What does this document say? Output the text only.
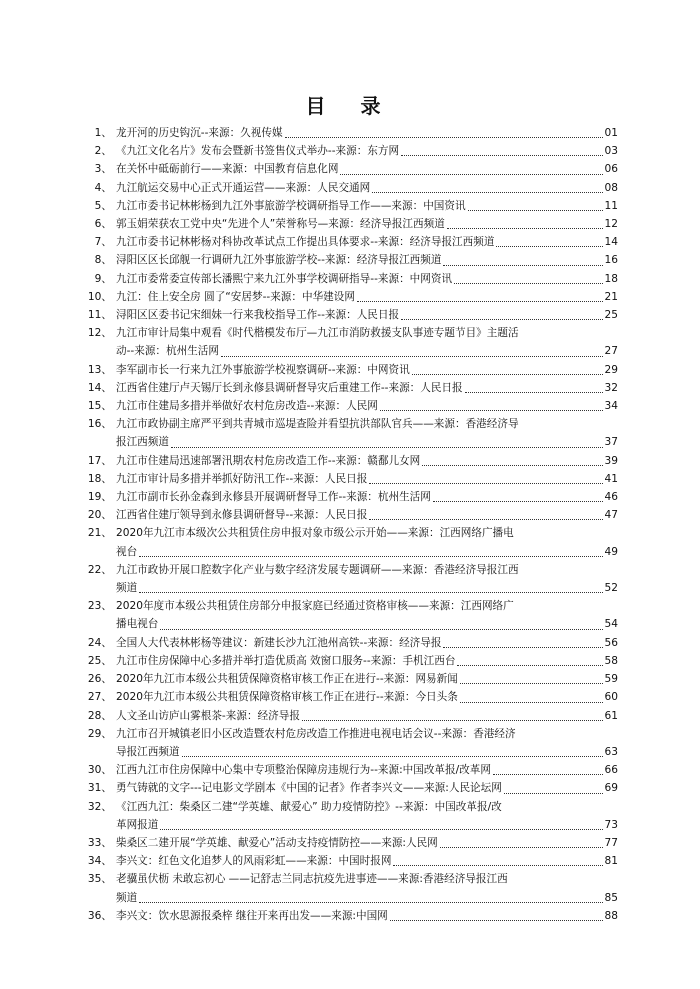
目 录
1、 龙开河的历史钩沉--来源：久视传媒	01
2、 《九江文化名片》发布会暨新书签售仪式举办--来源：东方网	03
3、 在关怀中砥砺前行——来源：中国教育信息化网	06
4、 九江航运交易中心正式开通运营——来源：人民交通网	08
5、 九江市委书记林彬杨到九江外事旅游学校调研指导工作——来源：中国资讯	11
6、 郭玉娟荣获农工党中央“先进个人”荣誉称号—来源：经济导报江西频道	12
7、 九江市委书记林彬杨对科协改革试点工作提出具体要求--来源：经济导报江西频道	14
8、 浔阳区区长邱舰一行调研九江外事旅游学校--来源：经济导报江西频道	16
9、 九江市委常委宣传部长潘熙宁来九江外事学校调研指导--来源：中网资讯	18
10、 九江：住上安全房 圆了“安居梦--来源：中华建设网	21
11、 浔阳区区委书记宋细妹一行来我校指导工作--来源：人民日报	25
12、 九江市审计局集中观看《时代楷模发布厅—九江市消防救援支队事迹专题节目》主题活
动--来源：杭州生活网	27
13、 李军副市长一行来九江外事旅游学校视察调研--来源：中网资讯	29
14、 江西省住建厅卢天锡厅长到永修县调研督导灾后重建工作--来源：人民日报	32
15、 九江市住建局多措并举做好农村危房改造--来源：人民网	34
16、 九江市政协副主席严平到共青城市巡堤查险并看望抗洪部队官兵——来源：香港经济导
报江西频道	37
17、 九江市住建局迅速部署汛期农村危房改造工作--来源：赣鄱儿女网	39
18、 九江市审计局多措并举抓好防汛工作--来源：人民日报	41
19、 九江市副市长孙金森到永修县开展调研督导工作--来源：杭州生活网	46
20、 江西省住建厅领导到永修县调研督导--来源：人民日报	47
21、 2020年九江市本级次公共租赁住房申报对象市级公示开始——来源：江西网络广播电
视台	49
22、 九江市政协开展口腔数字化产业与数字经济发展专题调研——来源：香港经济导报江西
频道	52
23、 2020年度市本级公共租赁住房部分申报家庭已经通过资格审核——来源：江西网络广
播电视台	54
24、 全国人大代表林彬杨等建议：新建长沙九江池州高铁--来源：经济导报	56
25、 九江市住房保障中心多措并举打造优质高 效窗口服务--来源：手机江西台	58
26、 2020年九江市本级公共租赁保障资格审核工作正在进行--来源：网易新闻	59
27、 2020年九江市本级公共租赁保障资格审核工作正在进行--来源：今日头条	60
28、 人文圣山访庐山雾根茶-来源：经济导报	61
29、 九江市召开城镇老旧小区改造暨农村危房改造工作推进电视电话会议--来源：香港经济
导报江西频道	63
30、 江西九江市住房保障中心集中专项整治保障房违规行为--来源:中国改革报/改革网	66
31、 勇气铸就的文字---记电影文学剧本《中国的记者》作者李兴文——来源:人民论坛网	69
32、 《江西九江：柴桑区二建“学英雄、献爱心” 助力疫情防控》--来源：中国改革报/改
革网报道	73
33、 柴桑区二建开展“学英雄、献爱心”活动支持疫情防控——来源:人民网	77
34、 李兴文：红色文化追梦人的风雨彩虹——来源：中国时报网	81
35、 老骥虽伏枥 未敢忘初心 ——记舒志兰同志抗疫先进事迹——来源:香港经济导报江西
频道	85
36、 李兴文：饮水思源报桑梓 继往开来再出发——来源:中国网	88
